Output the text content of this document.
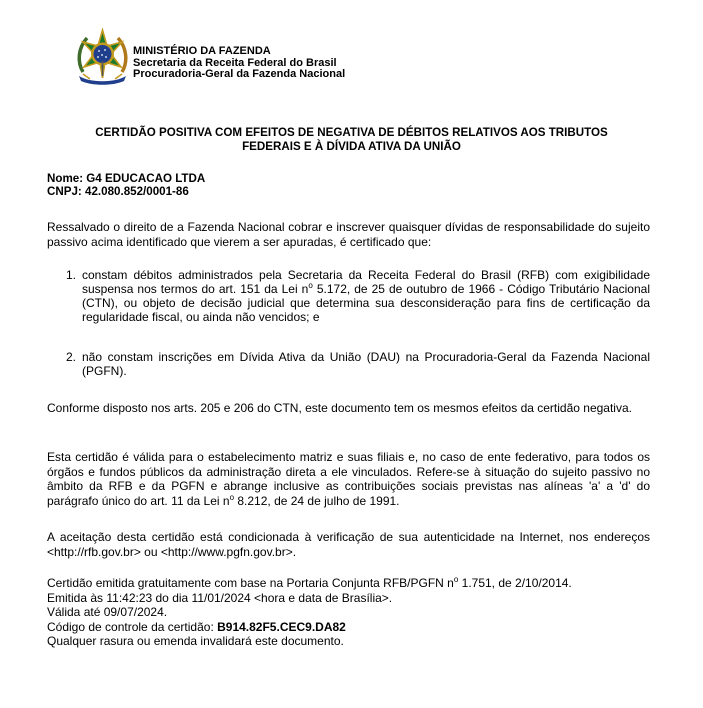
MINISTÉRIO DA FAZENDA
Secretaria da Receita Federal do Brasil
Procuradoria-Geral da Fazenda Nacional
CERTIDÃO POSITIVA COM EFEITOS DE NEGATIVA DE DÉBITOS RELATIVOS AOS TRIBUTOS
FEDERAIS E À DÍVIDA ATIVA DA UNIÃO
Nome: G4 EDUCACAO LTDA
CNPJ: 42.080.852/0001-86
Ressalvado o direito de a Fazenda Nacional cobrar e inscrever quaisquer dívidas de responsabilidade do sujeito passivo acima identificado que vierem a ser apuradas, é certificado que:
1. constam débitos administrados pela Secretaria da Receita Federal do Brasil (RFB) com exigibilidade suspensa nos termos do art. 151 da Lei $n^o$ 5.172, de 25 de outubro de 1966 - Código Tributário Nacional (CTN), ou objeto de decisão judicial que determina sua desconsideração para fins de certificação da regularidade fiscal, ou ainda não vencidos; e
2. não constam inscrições em Dívida Ativa da União (DAU) na Procuradoria-Geral da Fazenda Nacional (PGFN).
Conforme disposto nos arts. 205 e 206 do CTN, este documento tem os mesmos efeitos da certidão negativa.
Esta certidão é válida para o estabelecimento matriz e suas filiais e, no caso de ente federativo, para todos os órgãos e fundos públicos da administração direta a ele vinculados. Refere-se à situação do sujeito passivo no âmbito da RFB e da PGFN e abrange inclusive as contribuições sociais previstas nas alíneas 'a' a 'd' do parágrafo único do art. 11 da Lei $n^o$ 8.212, de 24 de julho de 1991.
A aceitação desta certidão está condicionada à verificação de sua autenticidade na Internet, nos endereços <http://rfb.gov.br> ou <http://www.pgfn.gov.br>.
Certidão emitida gratuitamente com base na Portaria Conjunta RFB/PGFN $n^o$ 1.751, de 2/10/2014.
Emitida às 11:42:23 do dia 11/01/2024 <hora e data de Brasília>.
Válida até 09/07/2024.
Código de controle da certidão: B914.82F5.CEC9.DA82
Qualquer rasura ou emenda invalidará este documento.
